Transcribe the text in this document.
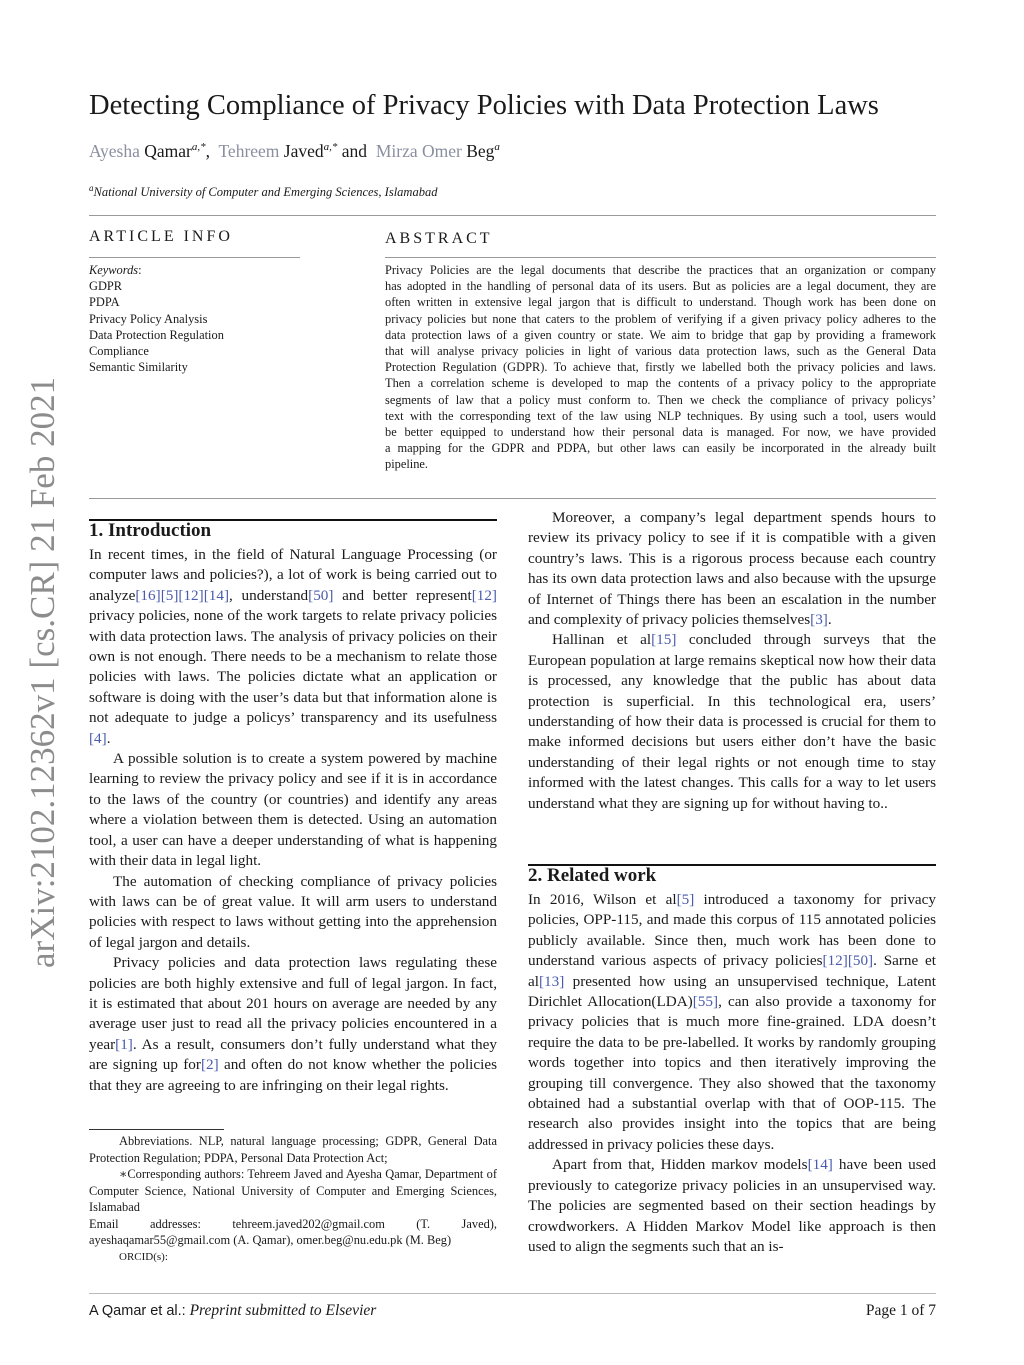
Detecting Compliance of Privacy Policies with Data Protection Laws
Ayesha Qamar$^{a,*}$, Tehreem Javed$^{a,*}$ and Mirza Omer Beg$^a$
$^a$National University of Computer and Emerging Sciences, Islamabad
ARTICLE INFO
Keywords:
GDPR
PDPA
Privacy Policy Analysis
Data Protection Regulation
Compliance
Semantic Similarity
ABSTRACT
Privacy Policies are the legal documents that describe the practices that an organization or company
has adopted in the handling of personal data of its users. But as policies are a legal document, they are
often written in extensive legal jargon that is difficult to understand. Though work has been done on
privacy policies but none that caters to the problem of verifying if a given privacy policy adheres to the
data protection laws of a given country or state. We aim to bridge that gap by providing a framework
that will analyse privacy policies in light of various data protection laws, such as the General Data
Protection Regulation (GDPR). To achieve that, firstly we labelled both the privacy policies and laws.
Then a correlation scheme is developed to map the contents of a privacy policy to the appropriate
segments of law that a policy must conform to. Then we check the compliance of privacy policys’
text with the corresponding text of the law using NLP techniques. By using such a tool, users would
be better equipped to understand how their personal data is managed. For now, we have provided
a mapping for the GDPR and PDPA, but other laws can easily be incorporated in the already built
pipeline.
arXiv:2102.12362v1 [cs.CR] 21 Feb 2021 1. Introduction

In recent times, in the field of Natural Language Processing (or computer laws and policies?), a lot of work is being carried out to analyze[16][5][12][14], understand[50] and better represent[12] privacy policies, none of the work targets to relate privacy policies with data protection laws. The analysis of privacy policies on their own is not enough. There needs to be a mechanism to relate those policies with laws. The policies dictate what an application or software is doing with the user’s data but that information alone is not adequate to judge a policys’ transparency and its usefulness [4].

A possible solution is to create a system powered by machine learning to review the privacy policy and see if it is in accordance to the laws of the country (or countries) and identify any areas where a violation between them is detected. Using an automation tool, a user can have a deeper understanding of what is happening with their data in legal light.

The automation of checking compliance of privacy policies with laws can be of great value. It will arm users to understand policies with respect to laws without getting into the apprehension of legal jargon and details.

Privacy policies and data protection laws regulating these policies are both highly extensive and full of legal jargon. In fact, it is estimated that about 201 hours on average are needed by any average user just to read all the privacy policies encountered in a year[1]. As a result, consumers don’t fully understand what they are signing up for[2] and often do not know whether the policies that they are agreeing to are infringing on their legal rights.

Abbreviations. NLP, natural language processing; GDPR, General Data Protection Regulation; PDPA, Personal Data Protection Act;

∗Corresponding authors: Tehreem Javed and Ayesha Qamar, Department of Computer Science, National University of Computer and Emerging Sciences, Islamabad

Email addresses: tehreem.javed202@gmail.com (T. Javed), ayeshaqamar55@gmail.com (A. Qamar), omer.beg@nu.edu.pk (M. Beg)

ORCID(s):

Moreover, a company’s legal department spends hours to review its privacy policy to see if it is compatible with a given country’s laws. This is a rigorous process because each country has its own data protection laws and also because with the upsurge of Internet of Things there has been an escalation in the number and complexity of privacy policies themselves[3].

Hallinan et al[15] concluded through surveys that the European population at large remains skeptical now how their data is processed, any knowledge that the public has about data protection is superficial. In this technological era, users’ understanding of how their data is processed is crucial for them to make informed decisions but users either don’t have the basic understanding of their legal rights or not enough time to stay informed with the latest changes. This calls for a way to let users understand what they are signing up for without having to..

2. Related work

In 2016, Wilson et al[5] introduced a taxonomy for privacy policies, OPP-115, and made this corpus of 115 annotated policies publicly available. Since then, much work has been done to understand various aspects of privacy policies[12][50]. Sarne et al[13] presented how using an unsupervised technique, Latent Dirichlet Allocation(LDA)[55], can also provide a taxonomy for privacy policies that is much more fine-grained. LDA doesn’t require the data to be pre-labelled. It works by randomly grouping words together into topics and then iteratively improving the grouping till convergence. They also showed that the taxonomy obtained had a substantial overlap with that of OOP-115. The research also provides insight into the topics that are being addressed in privacy policies these days.

Apart from that, Hidden markov models[14] have been used previously to categorize privacy policies in an unsupervised way. The policies are segmented based on their section headings by crowdworkers. A Hidden Markov Model like approach is then used to align the segments such that an is-

A Qamar et al.: Preprint submitted to Elsevier	Page 1 of 7
